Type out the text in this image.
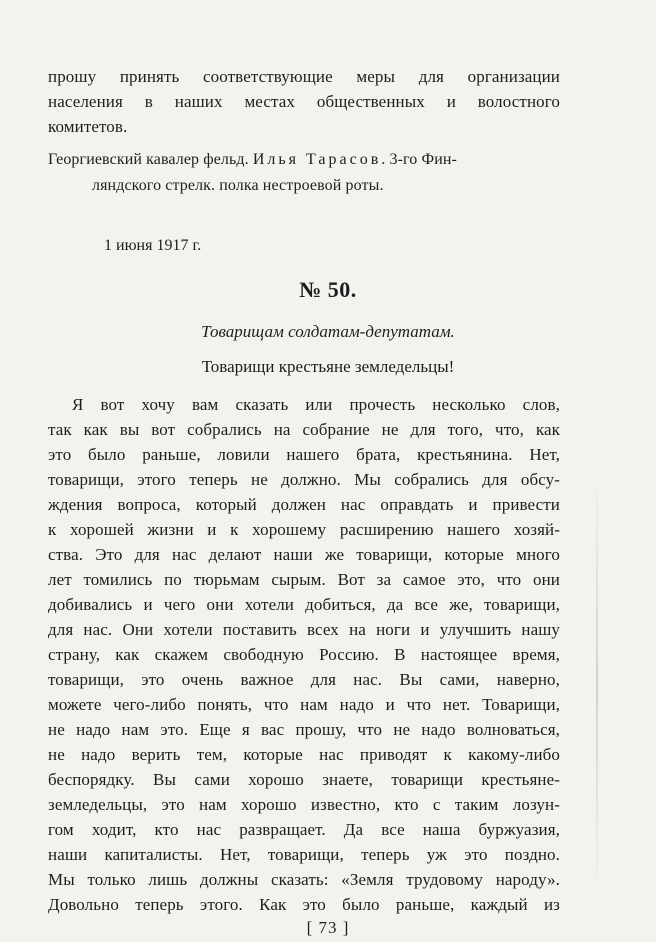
прошу принять соответствующие меры для организации

населения в наших местах общественных и волостного

комитетов.

Георгиевский кавалер фельд. Илья Тарасов. 3-го Фин-

ляндского стрелк. полка нестроевой роты.

1 июня 1917 г.

№ 50.

Товарищам солдатам-депутатам.

Товарищи крестьяне земледельцы!

Я вот хочу вам сказать или прочесть несколько слов,

так как вы вот собрались на собрание не для того, что, как

это было раньше, ловили нашего брата, крестьянина. Нет,

товарищи, этого теперь не должно. Мы собрались для обсу-

ждения вопроса, который должен нас оправдать и привести

к хорошей жизни и к хорошему расширению нашего хозяй-

ства. Это для нас делают наши же товарищи, которые много

лет томились по тюрьмам сырым. Вот за самое это, что они

добивались и чего они хотели добиться, да все же, товарищи,

для нас. Они хотели поставить всех на ноги и улучшить нашу

страну, как скажем свободную Россию. В настоящее время,

товарищи, это очень важное для нас. Вы сами, наверно,

можете чего-либо понять, что нам надо и что нет. Товарищи,

не надо нам это. Еще я вас прошу, что не надо волноваться,

не надо верить тем, которые нас приводят к какому-либо

беспорядку. Вы сами хорошо знаете, товарищи крестьяне-

земледельцы, это нам хорошо известно, кто с таким лозун-

гом ходит, кто нас развращает. Да все наша буржуазия,

наши капиталисты. Нет, товарищи, теперь уж это поздно.

Мы только лишь должны сказать: «Земля трудовому народу».

Довольно теперь этого. Как это было раньше, каждый из

[ 73 ]
